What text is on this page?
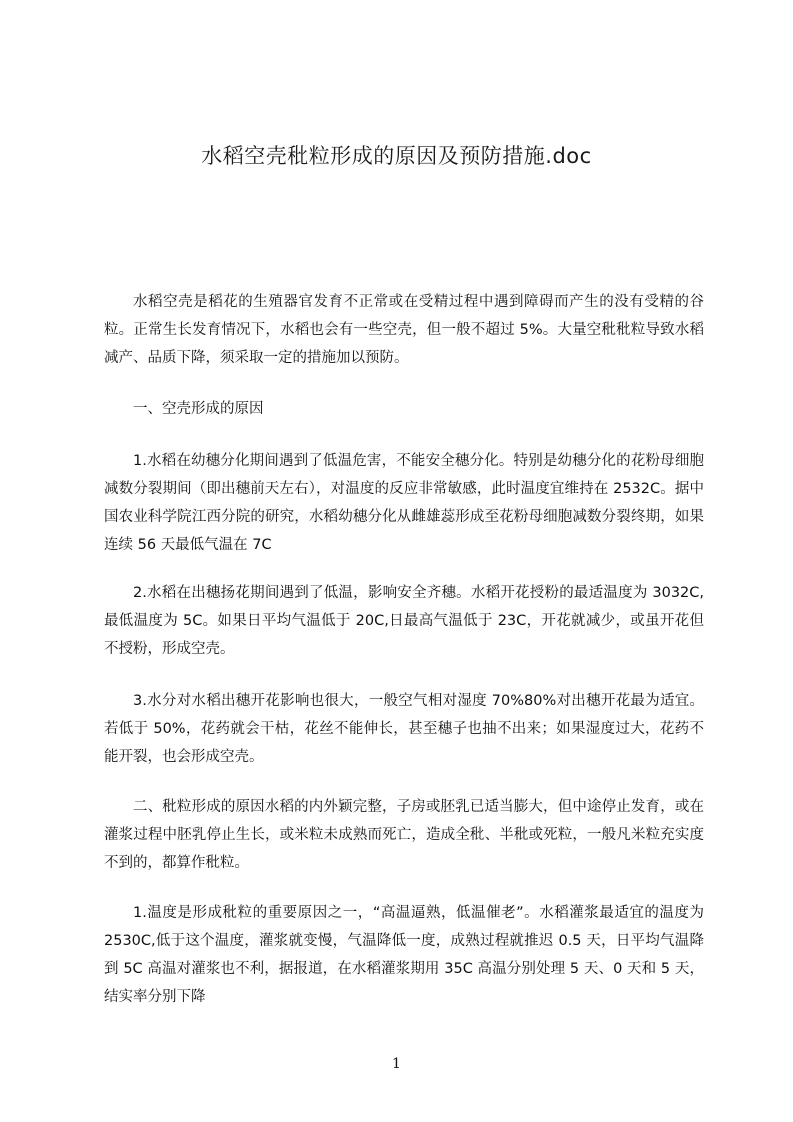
水稻空壳秕粒形成的原因及预防措施.doc

水稻空壳是稻花的生殖器官发育不正常或在受精过程中遇到障碍而产生的没有受精的谷粒。正常生长发育情况下，水稻也会有一些空壳，但一般不超过 5%。大量空秕秕粒导致水稻减产、品质下降，须采取一定的措施加以预防。

一、空壳形成的原因

1.水稻在幼穗分化期间遇到了低温危害，不能安全穗分化。特别是幼穗分化的花粉母细胞减数分裂期间（即出穗前天左右），对温度的反应非常敏感，此时温度宜维持在 2532C。据中国农业科学院江西分院的研究，水稻幼穗分化从雌雄蕊形成至花粉母细胞减数分裂终期，如果连续 56 天最低气温在 7C

2.水稻在出穗扬花期间遇到了低温，影响安全齐穗。水稻开花授粉的最适温度为 3032C,最低温度为 5C。如果日平均气温低于 20C,日最高气温低于 23C，开花就减少，或虽开花但不授粉，形成空壳。

3.水分对水稻出穗开花影响也很大，一般空气相对湿度 70%80%对出穗开花最为适宜。若低于 50%，花药就会干枯，花丝不能伸长，甚至穗子也抽不出来；如果湿度过大，花药不能开裂，也会形成空壳。

二、秕粒形成的原因水稻的内外颖完整，子房或胚乳已适当膨大，但中途停止发育，或在灌浆过程中胚乳停止生长，或米粒未成熟而死亡，造成全秕、半秕或死粒，一般凡米粒充实度不到的，都算作秕粒。

1.温度是形成秕粒的重要原因之一，“高温逼熟，低温催老”。水稻灌浆最适宜的温度为 2530C,低于这个温度，灌浆就变慢，气温降低一度，成熟过程就推迟 0.5 天，日平均气温降到 5C 高温对灌浆也不利，据报道，在水稻灌浆期用 35C 高温分别处理 5 天、0 天和 5 天，结实率分别下降

1
